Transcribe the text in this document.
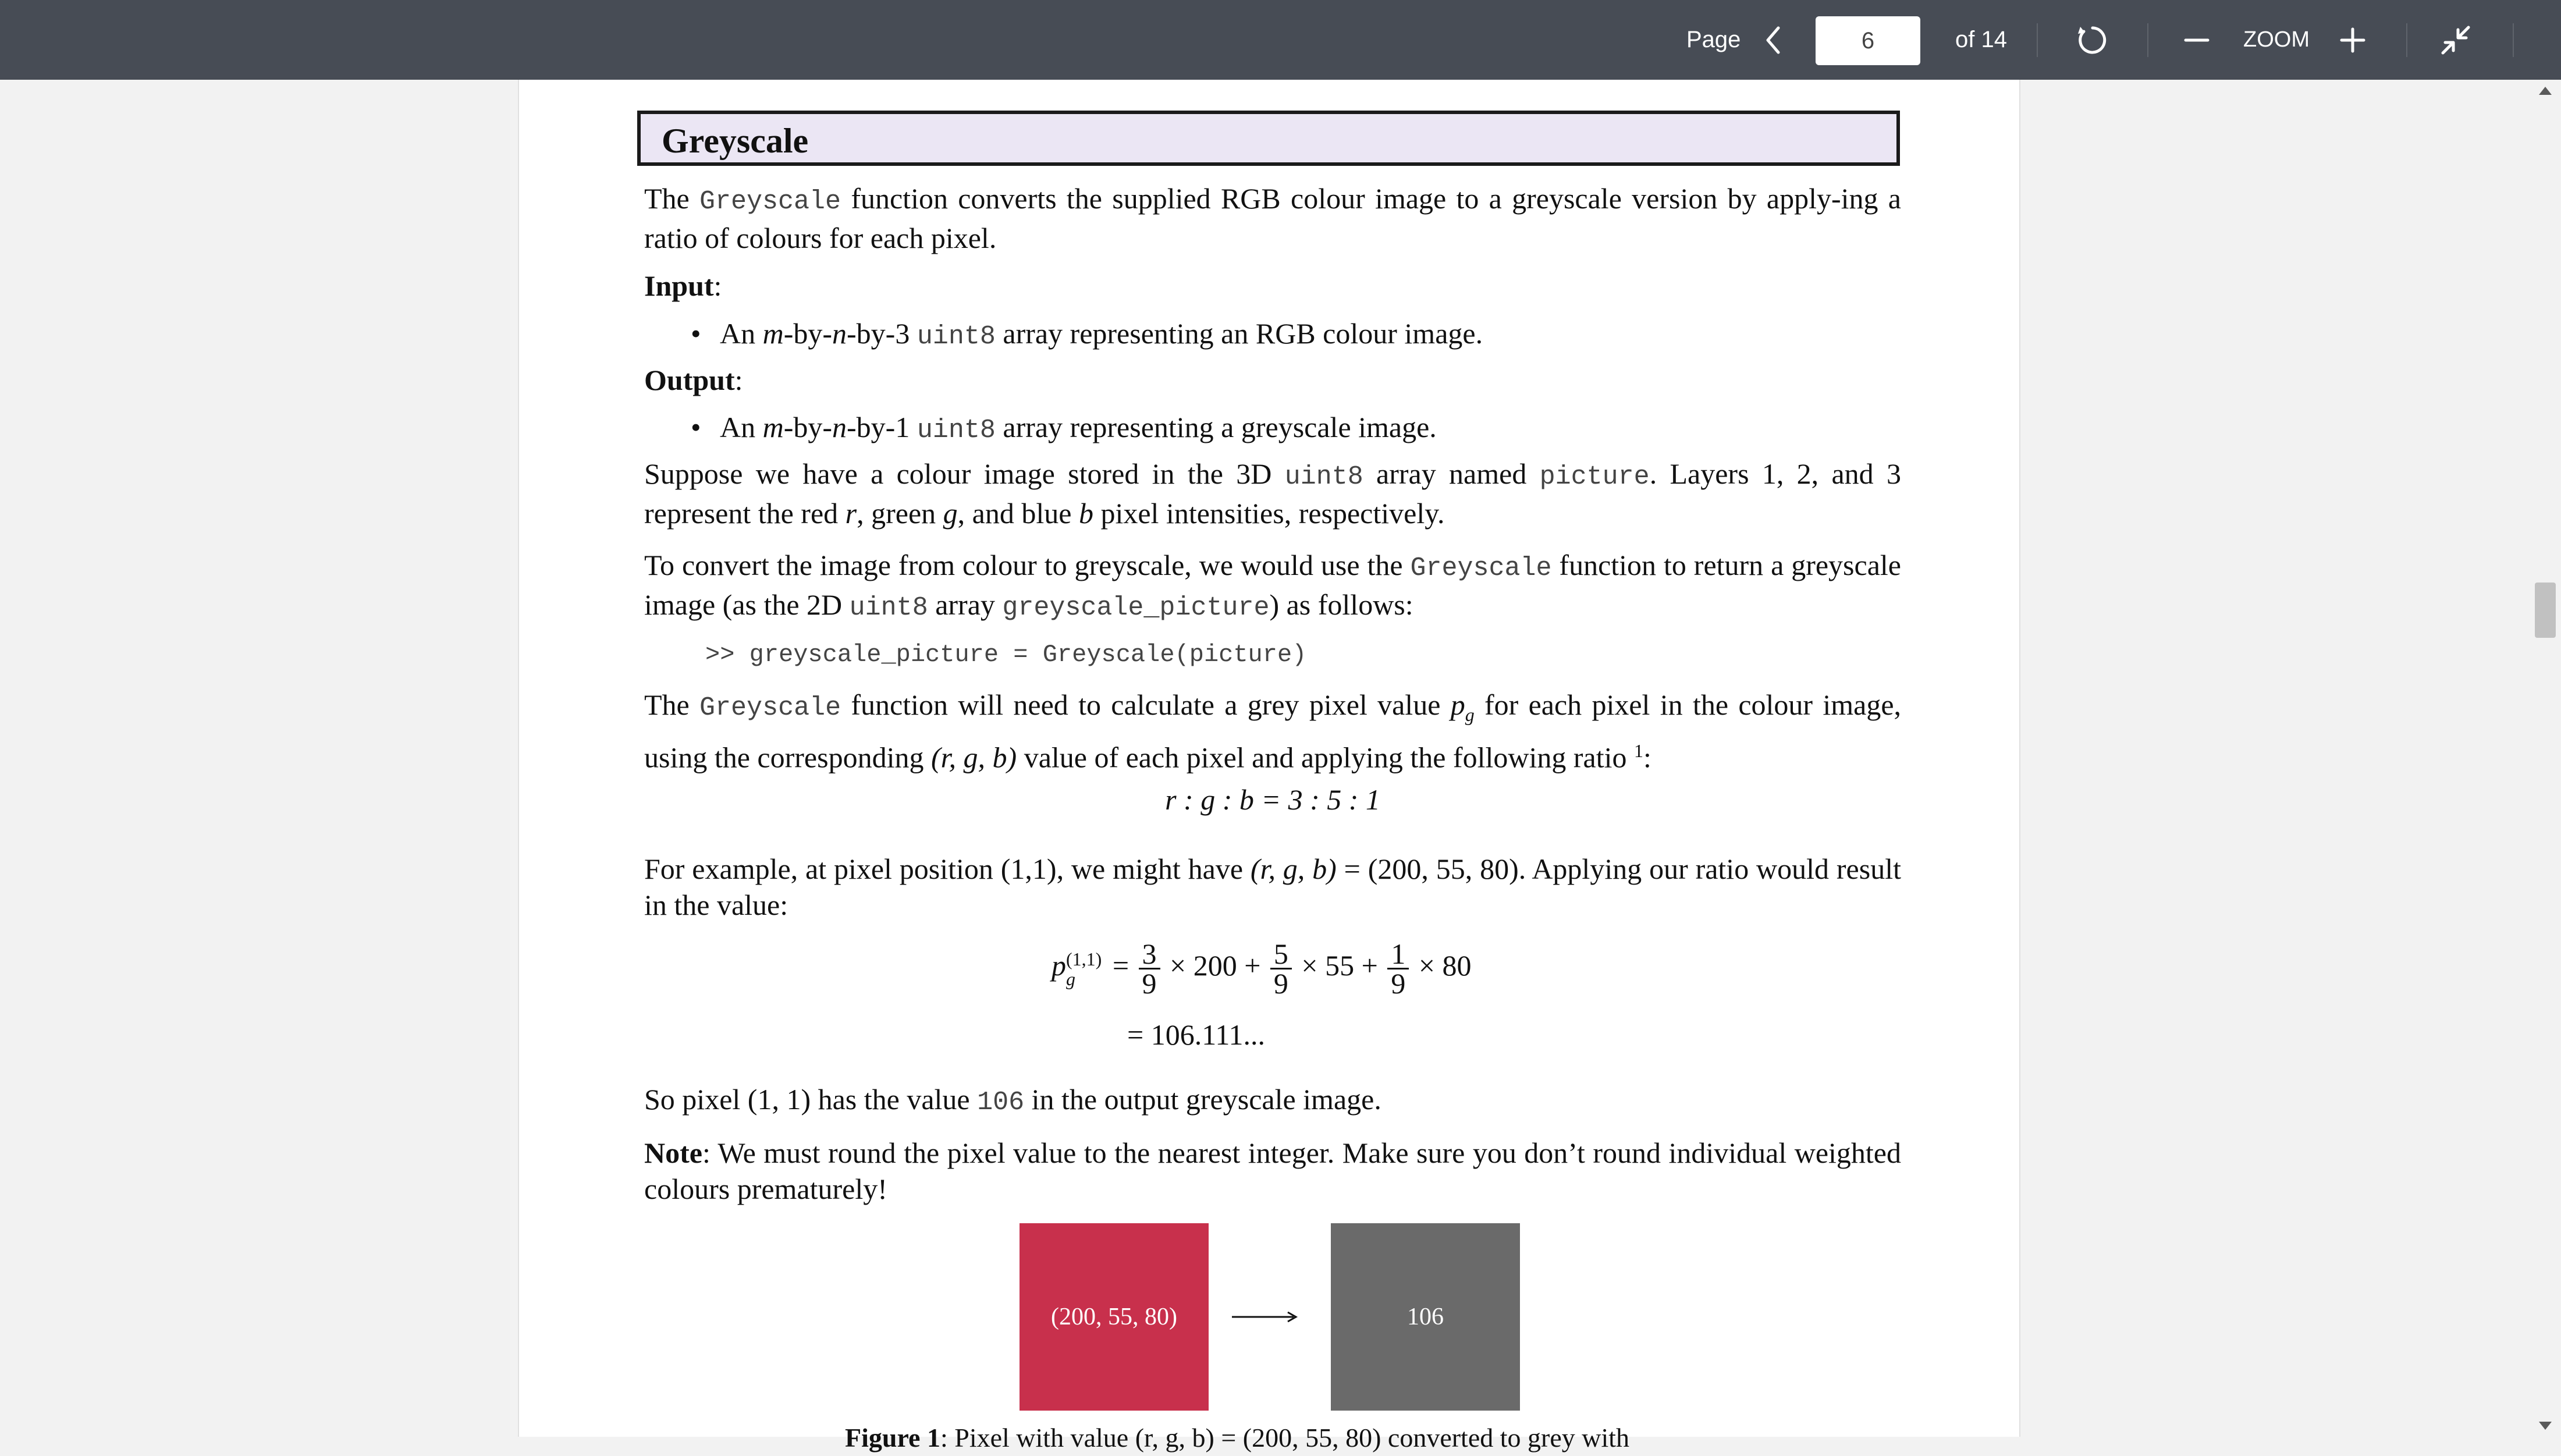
Page	6	of 14	ZOOM
Greyscale
The Greyscale function converts the supplied RGB colour image to a greyscale version by apply-ing a ratio of colours for each pixel.
Input:
• An m-by-n-by-3 uint8 array representing an RGB colour image.
Output:
• An m-by-n-by-1 uint8 array representing a greyscale image.
Suppose we have a colour image stored in the 3D uint8 array named picture. Layers 1, 2, and 3 represent the red r, green g, and blue b pixel intensities, respectively.
To convert the image from colour to greyscale, we would use the Greyscale function to return a greyscale image (as the 2D uint8 array greyscale_picture) as follows:
>> greyscale_picture = Greyscale(picture)
The Greyscale function will need to calculate a grey pixel value $p_g$ for each pixel in the colour image, using the corresponding (r, g, b) value of each pixel and applying the following ratio $^1$:
r : g : b = 3 : 5 : 1
For example, at pixel position (1,1), we might have (r, g, b) = (200, 55, 80). Applying our ratio would result in the value:
p (1,1)
g	= $\frac{3}{9} \times 200 + \frac{5}{9} \times 55 + \frac{1}{9} \times 80$
= 106.111...
So pixel (1, 1) has the value 106 in the output greyscale image.
Note: We must round the pixel value to the nearest integer. Make sure you don’t round individual weighted colours prematurely!
(200, 55, 80)	106
Figure 1: Pixel with value (r, g, b) = (200, 55, 80) converted to grey with
